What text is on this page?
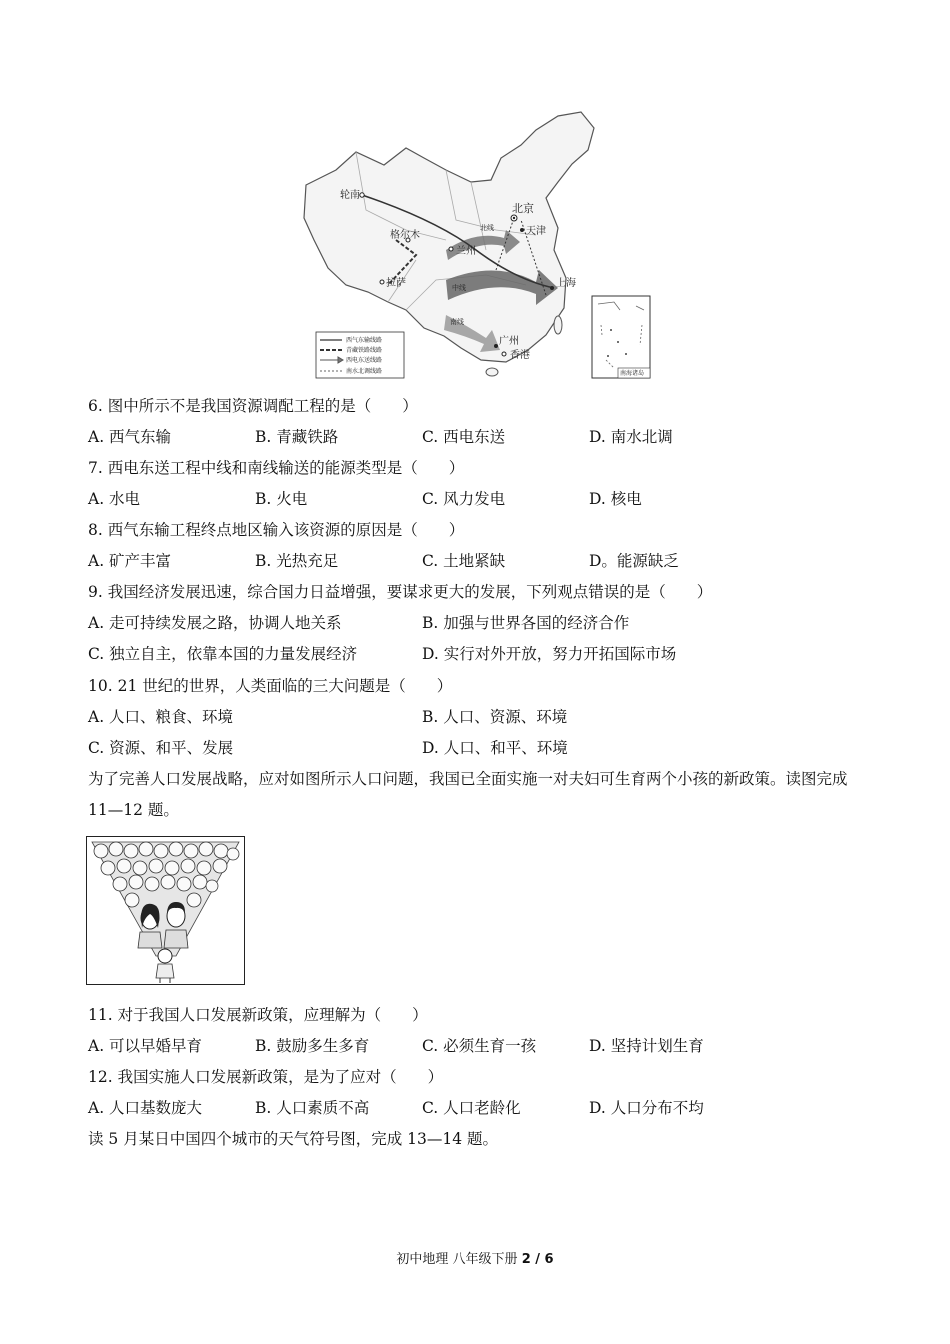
轮南
北京
天津
格尔木
兰州
拉萨	上海
广州
香港
北线
中线
南线
西气东输线路
青藏铁路线路
西电东送线路
南水北调线路	南海诸岛
6. 图中所示不是我国资源调配工程的是（　　）
A. 西气东输	B. 青藏铁路	C. 西电东送	D. 南水北调
7. 西电东送工程中线和南线输送的能源类型是（　　）
A. 水电	B. 火电	C. 风力发电	D. 核电
8. 西气东输工程终点地区输入该资源的原因是（　　）
A. 矿产丰富	B. 光热充足	C. 土地紧缺	D。能源缺乏
9. 我国经济发展迅速，综合国力日益增强，要谋求更大的发展，下列观点错误的是（　　）
A. 走可持续发展之路，协调人地关系	B. 加强与世界各国的经济合作
C. 独立自主，依靠本国的力量发展经济	D. 实行对外开放，努力开拓国际市场
10. 21 世纪的世界，人类面临的三大问题是（　　）
A. 人口、粮食、环境	B. 人口、资源、环境
C. 资源、和平、发展	D. 人口、和平、环境
为了完善人口发展战略，应对如图所示人口问题，我国已全面实施一对夫妇可生育两个小孩的新政策。读图完成 11—12 题。
11. 对于我国人口发展新政策，应理解为（　　）
A. 可以早婚早育	B. 鼓励多生多育	C. 必须生育一孩	D. 坚持计划生育
12. 我国实施人口发展新政策，是为了应对（　　）
A. 人口基数庞大	B. 人口素质不高	C. 人口老龄化	D. 人口分布不均
读 5 月某日中国四个城市的天气符号图，完成 13—14 题。
初中地理 八年级下册 2 / 6
